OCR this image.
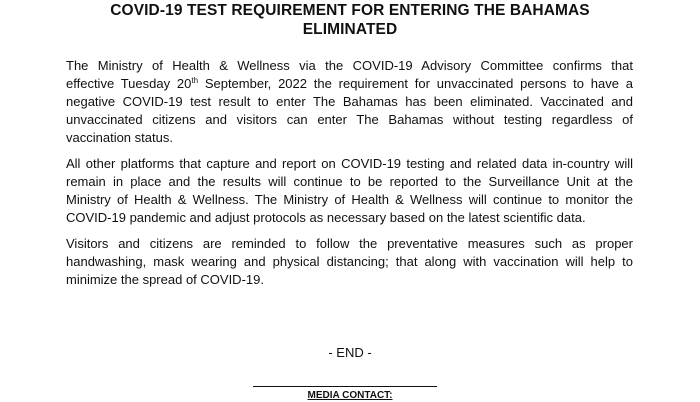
COVID-19 TEST REQUIREMENT FOR ENTERING THE BAHAMAS
ELIMINATED

The Ministry of Health & Wellness via the COVID-19 Advisory Committee confirms that
effective Tuesday 20th September, 2022 the requirement for unvaccinated persons to have a
negative COVID-19 test result to enter The Bahamas has been eliminated. Vaccinated and
unvaccinated citizens and visitors can enter The Bahamas without testing regardless of
vaccination status.

All other platforms that capture and report on COVID-19 testing and related data in-country will
remain in place and the results will continue to be reported to the Surveillance Unit at the
Ministry of Health & Wellness. The Ministry of Health & Wellness will continue to monitor the
COVID-19 pandemic and adjust protocols as necessary based on the latest scientific data.

Visitors and citizens are reminded to follow the preventative measures such as proper
handwashing, mask wearing and physical distancing; that along with vaccination will help to
minimize the spread of COVID-19.

- END -
MEDIA CONTACT:
